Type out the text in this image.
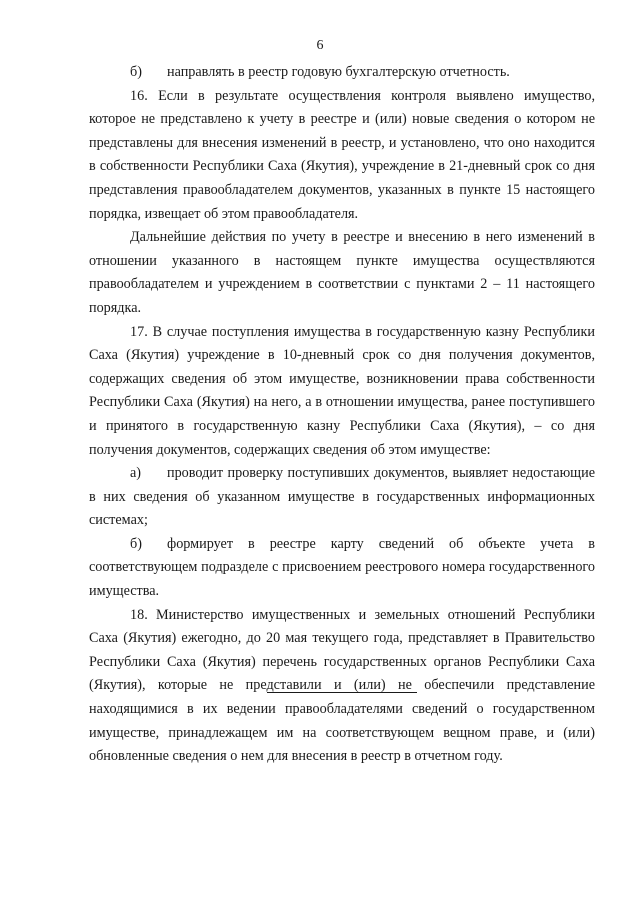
6

б) направлять в реестр годовую бухгалтерскую отчетность.

16. Если в результате осуществления контроля выявлено имущество, которое не представлено к учету в реестре и (или) новые сведения о котором не представлены для внесения изменений в реестр, и установлено, что оно находится в собственности Республики Саха (Якутия), учреждение в 21-дневный срок со дня представления правообладателем документов, указанных в пункте 15 настоящего порядка, извещает об этом правообладателя.

Дальнейшие действия по учету в реестре и внесению в него изменений в отношении указанного в настоящем пункте имущества осуществляются правообладателем и учреждением в соответствии с пунктами 2 – 11 настоящего порядка.

17. В случае поступления имущества в государственную казну Республики Саха (Якутия) учреждение в 10-дневный срок со дня получения документов, содержащих сведения об этом имуществе, возникновении права собственности Республики Саха (Якутия) на него, а в отношении имущества, ранее поступившего и принятого в государственную казну Республики Саха (Якутия), – со дня получения документов, содержащих сведения об этом имуществе:

а) проводит проверку поступивших документов, выявляет недостающие в них сведения об указанном имуществе в государственных информационных системах;

б) формирует в реестре карту сведений об объекте учета в соответствующем подразделе с присвоением реестрового номера государственного имущества.

18. Министерство имущественных и земельных отношений Республики Саха (Якутия) ежегодно, до 20 мая текущего года, представляет в Правительство Республики Саха (Якутия) перечень государственных органов Республики Саха (Якутия), которые не представили и (или) не обеспечили представление находящимися в их ведении правообладателями сведений о государственном имуществе, принадлежащем им на соответствующем вещном праве, и (или) обновленные сведения о нем для внесения в реестр в отчетном году.
